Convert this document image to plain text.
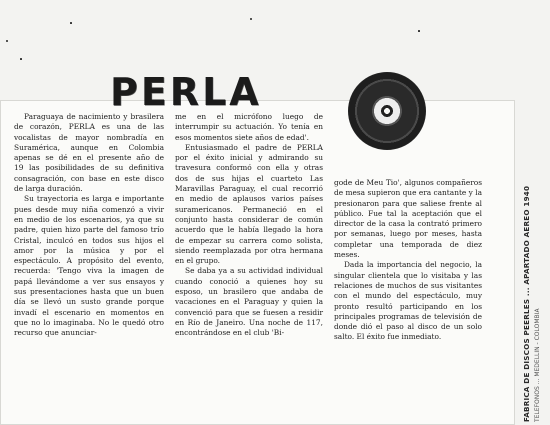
PERLA

Paraguaya de nacimiento y brasilera de corazón, PERLA es una de las vocalistas de mayor nombradía en Suramérica, aunque en Colombia apenas se dé en el presente año de 19 las posibilidades de su definitiva consagración, con base en este disco de larga duración.

Su trayectoria es larga e importante pues desde muy niña comenzó a vivir en medio de los escenarios, ya que su padre, quien hizo parte del famoso trío Cristal, inculcó en todos sus hijos el amor por la música y por el espectáculo. A propósito del evento, recuerda: 'Tengo viva la imagen de papá llevándome a ver sus ensayos y sus presentaciones hasta que un buen día se llevó un susto grande porque invadí el escenario en momentos en que no lo imaginaba. No le quedó otro recurso que anunciar-

me en el micrófono luego de interrumpir su actuación. Yo tenía en esos momentos siete años de edad'.

Entusiasmado el padre de PERLA por el éxito inicial y admirando su travesura conformó con ella y otras dos de sus hijas el cuarteto Las Maravillas Paraguay, el cual recorrió en medio de aplausos varios países suramericanos. Permaneció en el conjunto hasta considerar de común acuerdo que le había llegado la hora de empezar su carrera como solista, siendo reemplazada por otra hermana en el grupo.

Se daba ya a su actividad individual cuando conoció a quienes hoy su esposo, un brasilero que andaba de vacaciones en el Paraguay y quien la convenció para que se fuesen a residir en Río de Janeiro. Una noche de 117, encontrándose en el club 'Bi-

gode de Meu Tio', algunos compañeros de mesa supieron que era cantante y la presionaron para que saliese frente al público. Fue tal la aceptación que el director de la casa la contrató primero por semanas, luego por meses, hasta completar una temporada de diez meses.

Dada la importancia del negocio, la singular clientela que lo visitaba y las relaciones de muchos de sus visitantes con el mundo del espectáculo, muy pronto resultó participando en los principales programas de televisión de donde dió el paso al disco de un solo salto. El éxito fue inmediato.	FABRICA DE DISCOS PEERLES ... APARTADO AEREO 1940 TELEFONOS ... MEDELLIN - COLOMBIA
